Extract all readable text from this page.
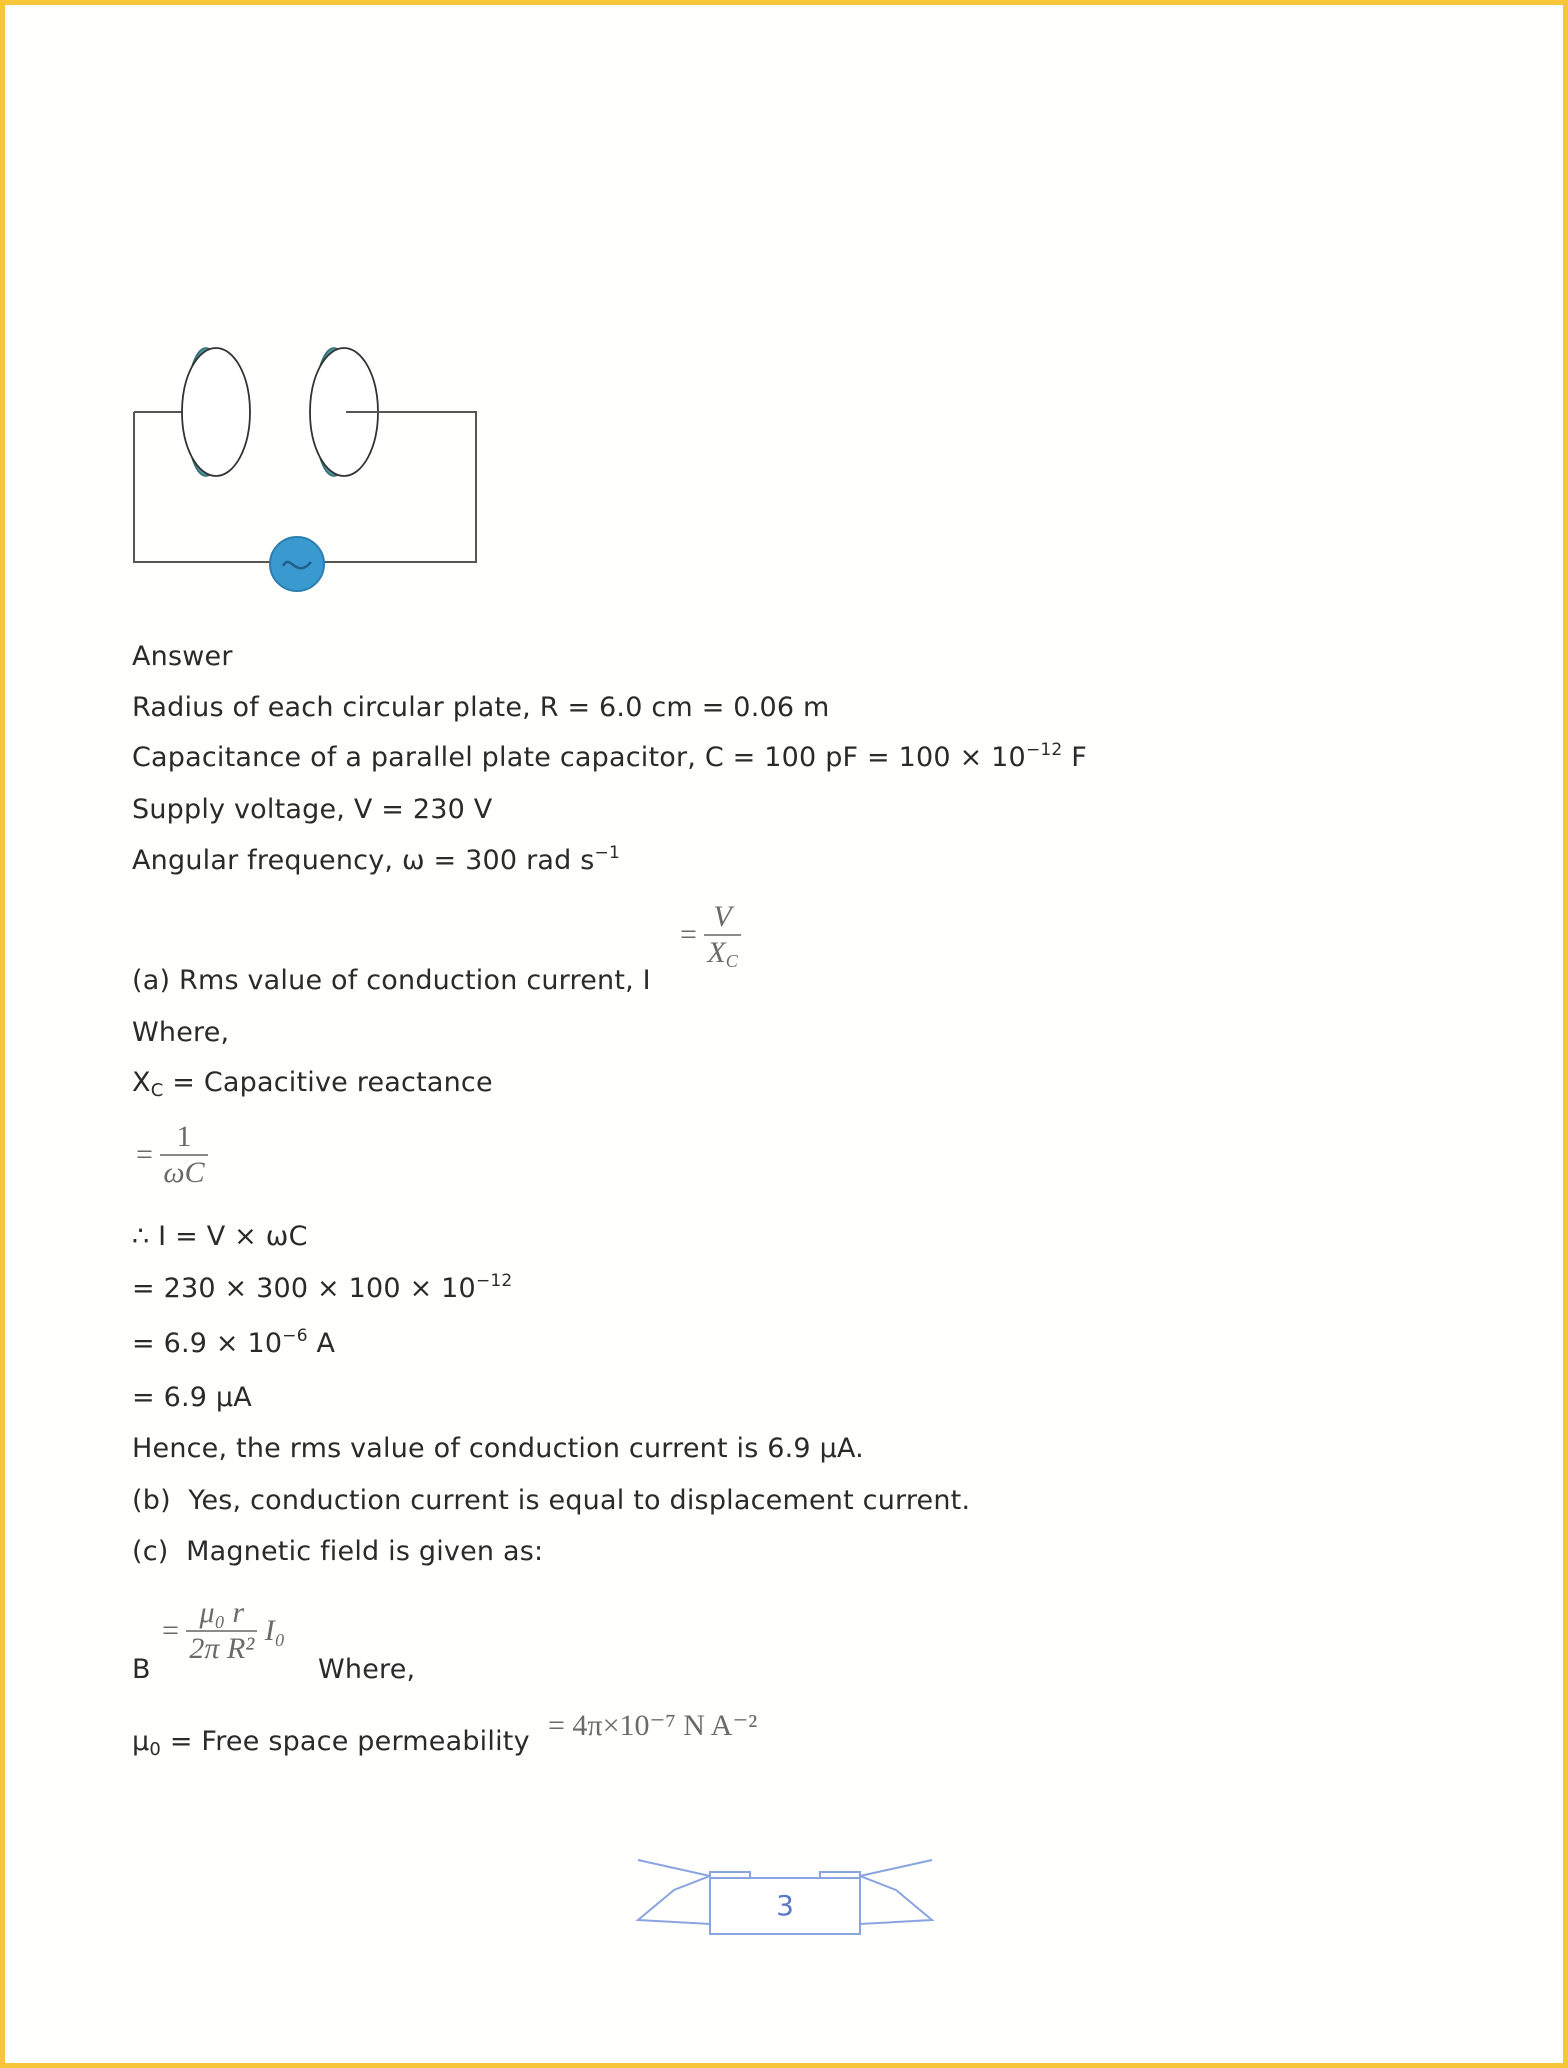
Answer
Radius of each circular plate, R = 6.0 cm = 0.06 m
Capacitance of a parallel plate capacitor, C = 100 pF = $100 \times 10^{-12}$ F
Supply voltage, V = 230 V
Angular frequency, ω = 300 rad $s^{-1}$
(a) Rms value of conduction current, I
= $\frac{V}{X_C}$
Where,
$X_C$ = Capacitive reactance
= $\frac{1}{\omega C}$
∴ I = V × ωC
= $230 \times 300 \times 100 \times 10^{-12}$
= $6.9 \times 10^{-6}$ A
= 6.9 µA
Hence, the rms value of conduction current is 6.9 µA.
(b)  Yes, conduction current is equal to displacement current.
(c)  Magnetic field is given as:
B
= $\frac{\text{μ₀ r}}{\text{2π R²}} I_0$
Where,
µ$_0$ = Free space permeability = 4π×10⁻⁷ N A⁻²
3
